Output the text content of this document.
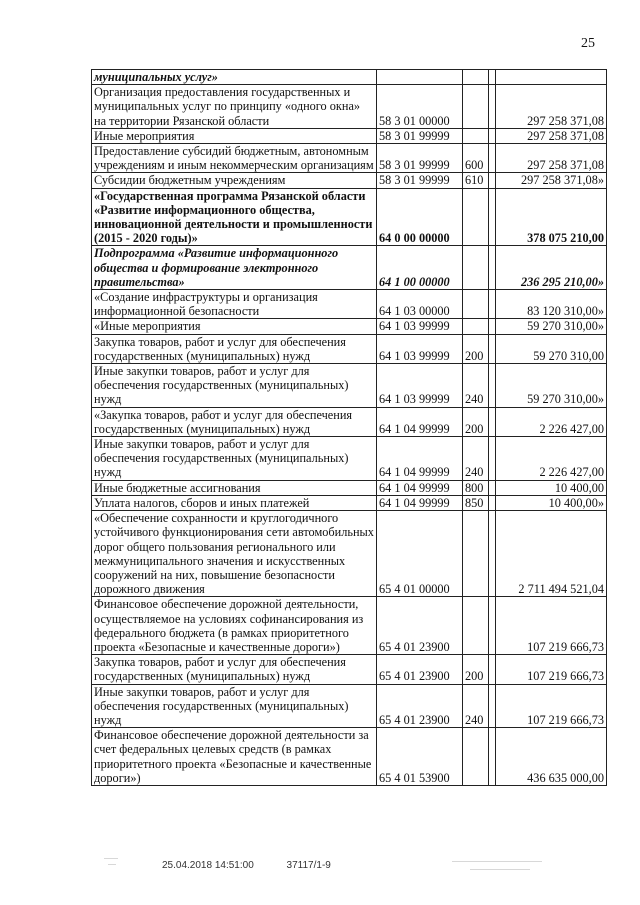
25
муниципальных услуг»				
Организация предоставления государственных и муниципальных услуг по принципу «одного окна» на территории Рязанской области	58 3 01 00000			297 258 371,08
Иные мероприятия	58 3 01 99999			297 258 371,08
Предоставление субсидий бюджетным, автономным учреждениям и иным некоммерческим организациям	58 3 01 99999	600		297 258 371,08
Субсидии бюджетным учреждениям	58 3 01 99999	610		297 258 371,08»
«Государственная программа Рязанской области «Развитие информационного общества, инновационной деятельности и промышленности (2015 - 2020 годы)»	64 0 00 00000			378 075 210,00
Подпрограмма «Развитие информационного общества и формирование электронного правительства»	64 1 00 00000			236 295 210,00»
«Создание инфраструктуры и организация информационной безопасности	64 1 03 00000			83 120 310,00»
«Иные мероприятия	64 1 03 99999			59 270 310,00»
Закупка товаров, работ и услуг для обеспечения государственных (муниципальных) нужд	64 1 03 99999	200		59 270 310,00
Иные закупки товаров, работ и услуг для обеспечения государственных (муниципальных) нужд	64 1 03 99999	240		59 270 310,00»
«Закупка товаров, работ и услуг для обеспечения государственных (муниципальных) нужд	64 1 04 99999	200		2 226 427,00
Иные закупки товаров, работ и услуг для обеспечения государственных (муниципальных) нужд	64 1 04 99999	240		2 226 427,00
Иные бюджетные ассигнования	64 1 04 99999	800		10 400,00
Уплата налогов, сборов и иных платежей	64 1 04 99999	850		10 400,00»
«Обеспечение сохранности и круглогодичного устойчивого функционирования сети автомобильных дорог общего пользования регионального или межмуниципального значения и искусственных сооружений на них, повышение безопасности дорожного движения	65 4 01 00000			2 711 494 521,04
Финансовое обеспечение дорожной деятельности, осуществляемое на условиях софинансирования из федерального бюджета (в рамках приоритетного проекта «Безопасные и качественные дороги»)	65 4 01 23900			107 219 666,73
Закупка товаров, работ и услуг для обеспечения государственных (муниципальных) нужд	65 4 01 23900	200		107 219 666,73
Иные закупки товаров, работ и услуг для обеспечения государственных (муниципальных) нужд	65 4 01 23900	240		107 219 666,73
Финансовое обеспечение дорожной деятельности за счет федеральных целевых средств (в рамках приоритетного проекта «Безопасные и качественные дороги»)	65 4 01 53900			436 635 000,00
25.04.2018 14:51:00	37117/1-9
